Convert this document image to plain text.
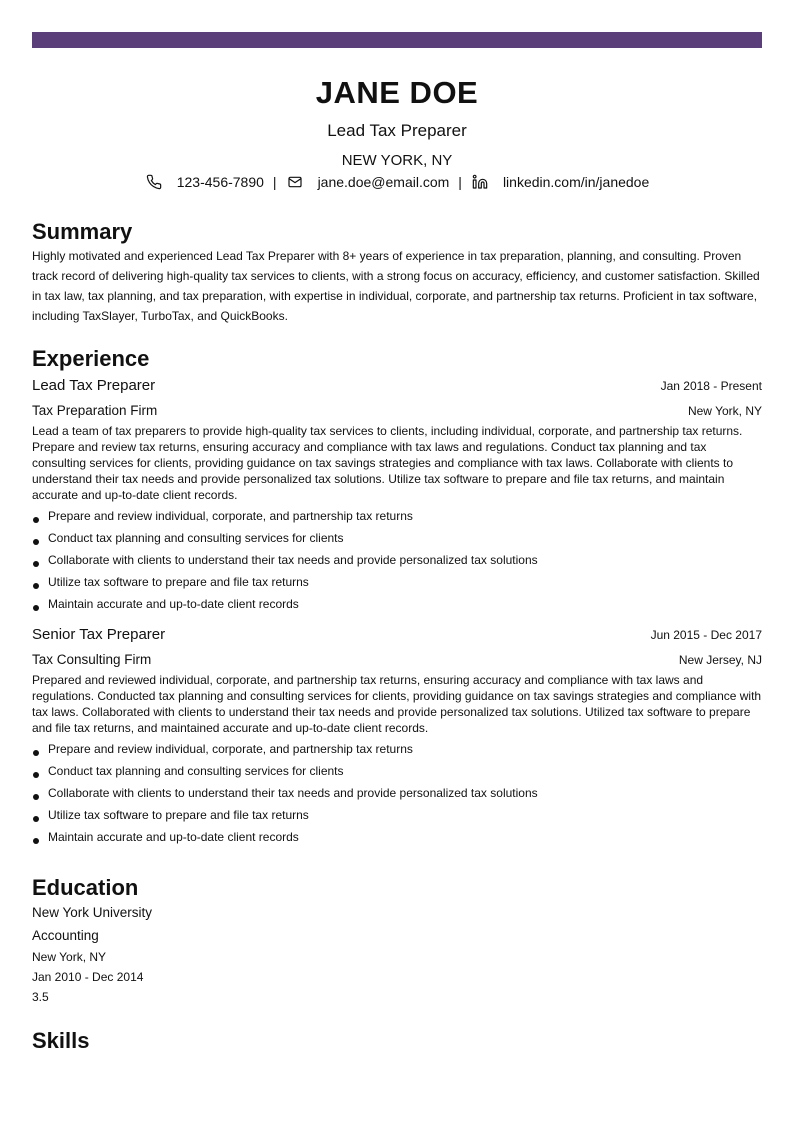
JANE DOE
Lead Tax Preparer
NEW YORK, NY
123-456-7890 |	jane.doe@email.com |	linkedin.com/in/janedoe
Summary

Highly motivated and experienced Lead Tax Preparer with 8+ years of experience in tax preparation, planning, and consulting. Proven track record of delivering high-quality tax services to clients, with a strong focus on accuracy, efficiency, and customer satisfaction. Skilled in tax law, tax planning, and tax preparation, with expertise in individual, corporate, and partnership tax returns. Proficient in tax software, including TaxSlayer, TurboTax, and QuickBooks.

Experience
Lead Tax Preparer	Jan 2018 - Present
Tax Preparation Firm	New York, NY

Lead a team of tax preparers to provide high-quality tax services to clients, including individual, corporate, and partnership tax returns. Prepare and review tax returns, ensuring accuracy and compliance with tax laws and regulations. Conduct tax planning and tax consulting services for clients, providing guidance on tax savings strategies and compliance with tax laws. Collaborate with clients to understand their tax needs and provide personalized tax solutions. Utilize tax software to prepare and file tax returns, and maintain accurate and up-to-date client records.

Prepare and review individual, corporate, and partnership tax returns
Conduct tax planning and consulting services for clients
Collaborate with clients to understand their tax needs and provide personalized tax solutions
Utilize tax software to prepare and file tax returns
Maintain accurate and up-to-date client records
Senior Tax Preparer	Jun 2015 - Dec 2017
Tax Consulting Firm	New Jersey, NJ

Prepared and reviewed individual, corporate, and partnership tax returns, ensuring accuracy and compliance with tax laws and regulations. Conducted tax planning and consulting services for clients, providing guidance on tax savings strategies and compliance with tax laws. Collaborated with clients to understand their tax needs and provide personalized tax solutions. Utilized tax software to prepare and file tax returns, and maintained accurate and up-to-date client records.

Prepare and review individual, corporate, and partnership tax returns
Conduct tax planning and consulting services for clients
Collaborate with clients to understand their tax needs and provide personalized tax solutions
Utilize tax software to prepare and file tax returns
Maintain accurate and up-to-date client records
Education
New York University
Accounting
New York, NY
Jan 2010 - Dec 2014
3.5
Skills
